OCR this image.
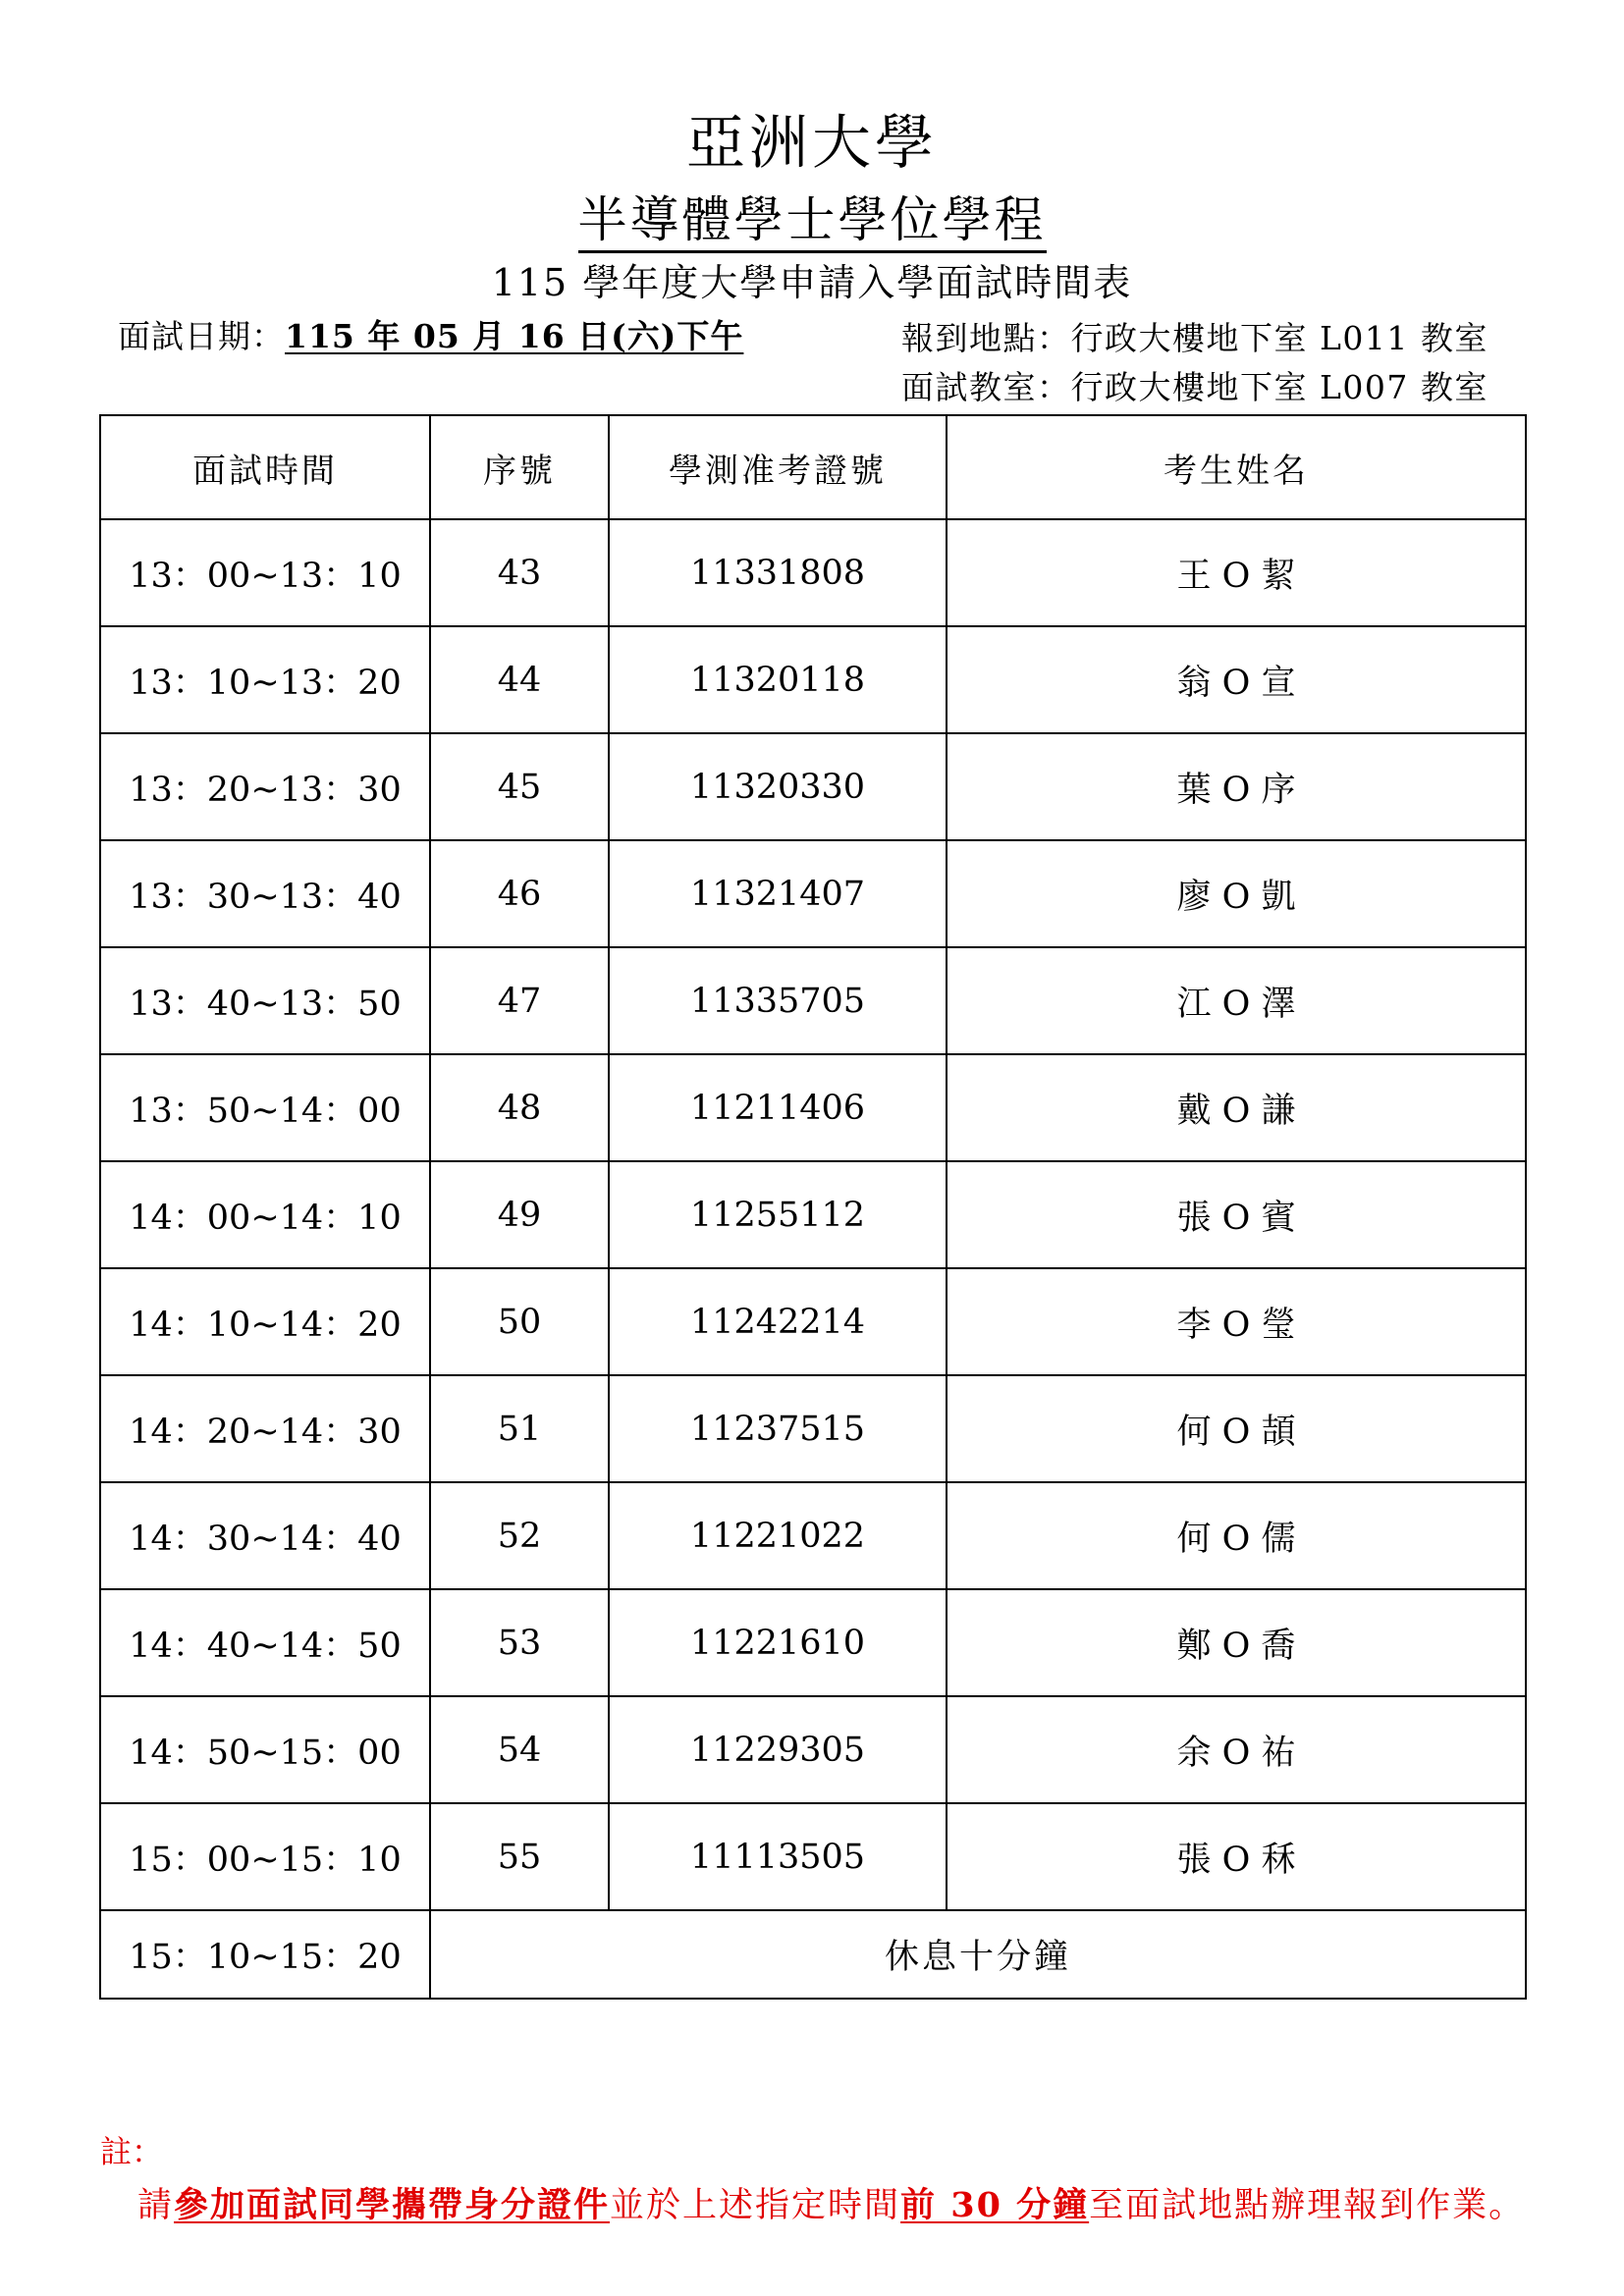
亞洲大學
半導體學士學位學程
115 學年度大學申請入學面試時間表
面試日期：115 年 05 月 16 日(六)下午	報到地點：行政大樓地下室 L011 教室
面試教室：行政大樓地下室 L007 教室
面試時間	序號	學測准考證號	考生姓名
13：00~13：10	43	11331808	王 O 絜
13：10~13：20	44	11320118	翁 O 宣
13：20~13：30	45	11320330	葉 O 序
13：30~13：40	46	11321407	廖 O 凱
13：40~13：50	47	11335705	江 O 澤
13：50~14：00	48	11211406	戴 O 謙
14：00~14：10	49	11255112	張 O 賓
14：10~14：20	50	11242214	李 O 瑩
14：20~14：30	51	11237515	何 O 頡
14：30~14：40	52	11221022	何 O 儒
14：40~14：50	53	11221610	鄭 O 喬
14：50~15：00	54	11229305	余 O 祐
15：00~15：10	55	11113505	張 O 秝
15：10~15：20	休息十分鐘		
註：
請參加面試同學攜帶身分證件並於上述指定時間前 30 分鐘至面試地點辦理報到作業。
